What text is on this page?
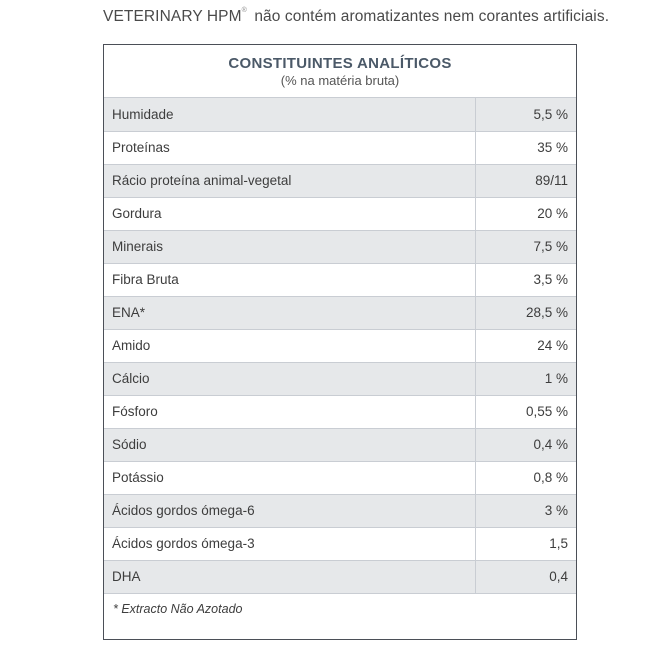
VETERINARY HPM® não contém aromatizantes nem corantes artificiais.
CONSTITUINTES ANALÍTICOS
(% na matéria bruta)
Humidade	5,5 %
Proteínas	35 %
Rácio proteína animal-vegetal	89/11
Gordura	20 %
Minerais	7,5 %
Fibra Bruta	3,5 %
ENA*	28,5 %
Amido	24 %
Cálcio	1 %
Fósforo	0,55 %
Sódio	0,4 %
Potássio	0,8 %
Ácidos gordos ómega-6	3 %
Ácidos gordos ómega-3	1,5
DHA	0,4
* Extracto Não Azotado
